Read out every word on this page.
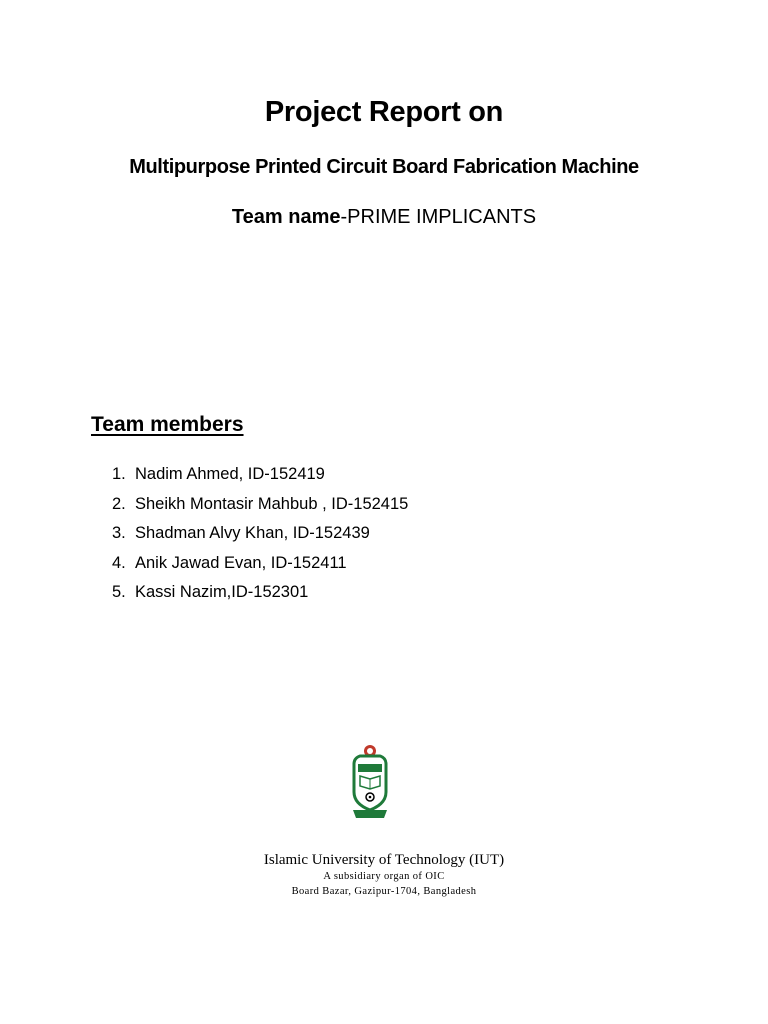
Project Report on
Multipurpose Printed Circuit Board Fabrication Machine
Team name-PRIME IMPLICANTS
Team members
1. Nadim Ahmed, ID-152419
2. Sheikh Montasir Mahbub , ID-152415
3. Shadman Alvy Khan, ID-152439
4. Anik Jawad Evan, ID-152411
5. Kassi Nazim,ID-152301
Islamic University of Technology (IUT)
A subsidiary organ of OIC
Board Bazar, Gazipur-1704, Bangladesh
